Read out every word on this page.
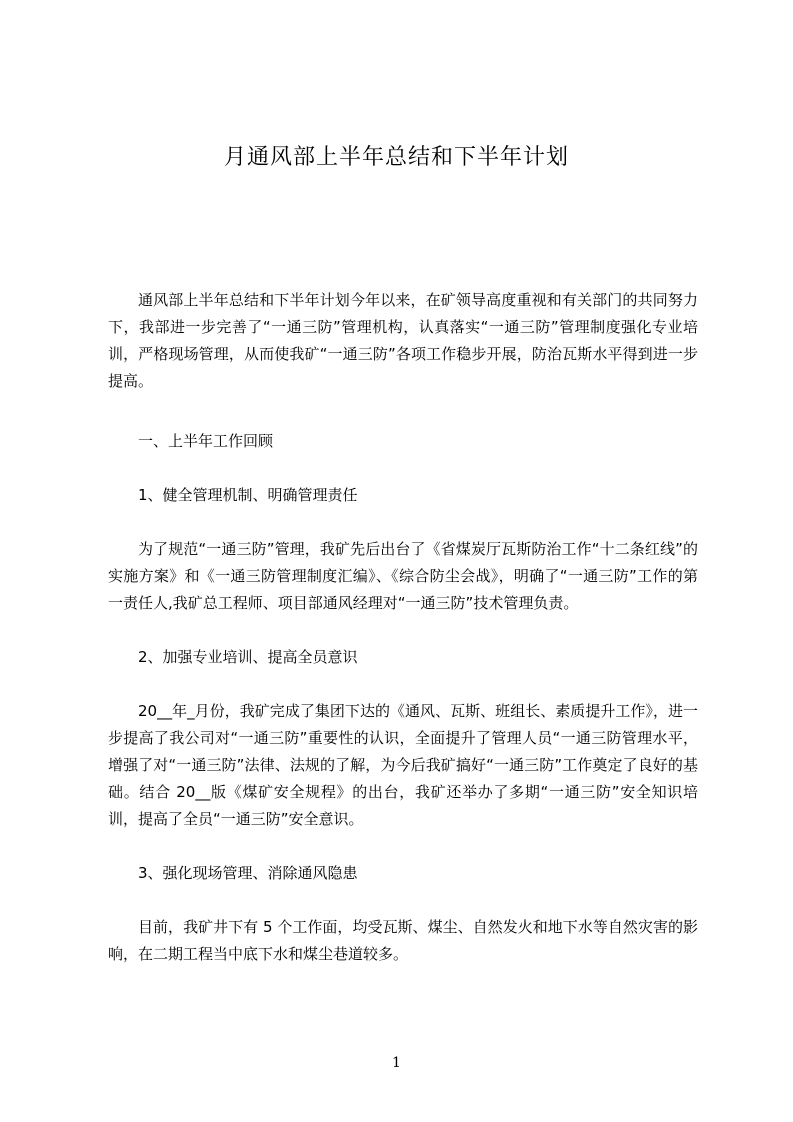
月通风部上半年总结和下半年计划

通风部上半年总结和下半年计划今年以来，在矿领导高度重视和有关部门的共同努力下，我部进一步完善了“一通三防”管理机构，认真落实“一通三防”管理制度强化专业培训，严格现场管理，从而使我矿“一通三防”各项工作稳步开展，防治瓦斯水平得到进一步提高。

一、上半年工作回顾

1、健全管理机制、明确管理责任

为了规范“一通三防”管理，我矿先后出台了《省煤炭厅瓦斯防治工作“十二条红线”的实施方案》和《一通三防管理制度汇编》、《综合防尘会战》，明确了“一通三防”工作的第一责任人,我矿总工程师、项目部通风经理对“一通三防”技术管理负责。

2、加强专业培训、提高全员意识

20__年_月份，我矿完成了集团下达的《通风、瓦斯、班组长、素质提升工作》，进一步提高了我公司对“一通三防”重要性的认识，全面提升了管理人员“一通三防管理水平，增强了对“一通三防”法律、法规的了解，为今后我矿搞好“一通三防”工作奠定了良好的基础。结合 20__版《煤矿安全规程》的出台，我矿还举办了多期“一通三防”安全知识培训，提高了全员“一通三防”安全意识。

3、强化现场管理、消除通风隐患

目前，我矿井下有 5 个工作面，均受瓦斯、煤尘、自然发火和地下水等自然灾害的影响，在二期工程当中底下水和煤尘巷道较多。

1
